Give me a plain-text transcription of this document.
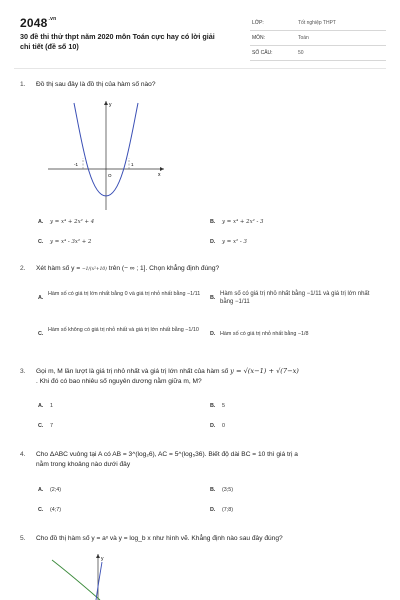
$2048^{.vn}$
30 đề thi thử thpt năm 2020 môn Toán cực hay có lời giải chi tiết (đề số 10)
LỚP:	Tốt nghiệp THPT
MÔN:	Toán
SỐ CÂU:	50
1. Đồ thị sau đây là đồ thị của hàm số nào?
x
y
-1	1
O
A. y = x⁴ + 2x² + 4	B. y = x⁴ + 2x² - 3
C. y = x⁴ - 3x² + 2	D. y = x² - 3
2. Xét hàm số y = −1/(x²+10) trên (− ∞ ; 1]. Chọn khẳng định đúng?
A.
Hàm số có giá trị lớn nhất bằng 0 và giá trị nhỏ nhất bằng −1/11
B.
Hàm số có giá trị nhỏ nhất bằng −1/11 và giá trị lớn nhất bằng −1/11
C.
Hàm số không có giá trị nhỏ nhất và giá trị lớn nhất bằng −1/10
D. Hàm số có giá trị nhỏ nhất bằng −1/8
3. Gọi m, M lần lượt là giá trị nhỏ nhất và giá trị lớn nhất của hàm số y = √(x−1) + √(7−x)
. Khi đó có bao nhiêu số nguyên dương nằm giữa m, M?
A. 1	B. 5
C. 7	D. 0
4. Cho ΔABC vuông tại A có AB = 3^(log₂6), AC = 5^(log₅36). Biết độ dài BC = 10 thì giá trị a
nằm trong khoảng nào dưới đây
A. (2;4)	B. (3;5)
C. (4;7)	D. (7;8)
5. Cho đồ thị hàm số y = aˣ và y = log_b x như hình vẽ. Khẳng định nào sau đây đúng?
y
